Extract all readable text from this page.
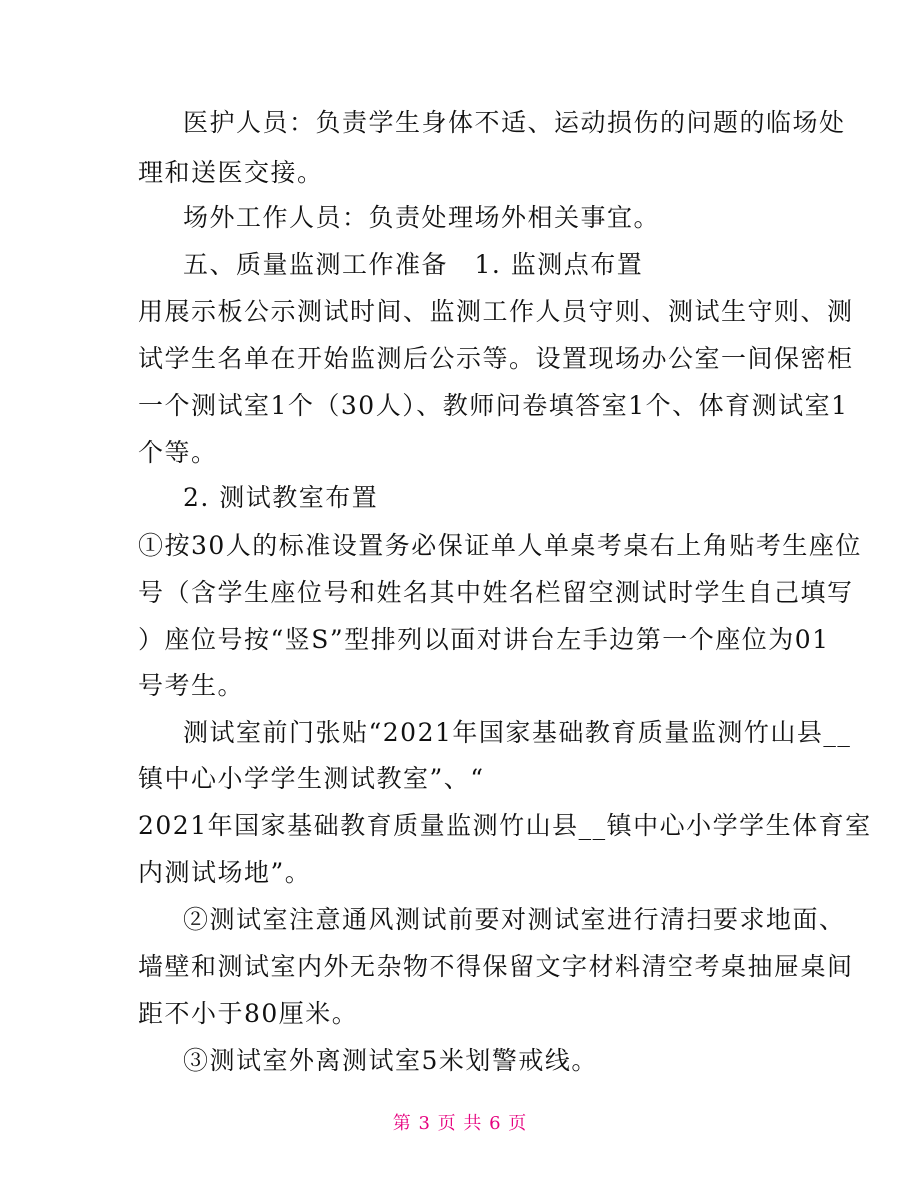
医护人员：负责学生身体不适、运动损伤的问题的临场处
理和送医交接。
场外工作人员：负责处理场外相关事宜。
五、质量监测工作准备　1. 监测点布置
用展示板公示测试时间、监测工作人员守则、测试生守则、测
试学生名单在开始监测后公示等。设置现场办公室一间保密柜
一个测试室1个（30人）、教师问卷填答室1个、体育测试室1
个等。
2. 测试教室布置
①按30人的标准设置务必保证单人单桌考桌右上角贴考生座位
号（含学生座位号和姓名其中姓名栏留空测试时学生自己填写
）座位号按“竖S”型排列以面对讲台左手边第一个座位为01
号考生。
测试室前门张贴“2021年国家基础教育质量监测竹山县__
镇中心小学学生测试教室”、“
2021年国家基础教育质量监测竹山县__镇中心小学学生体育室
内测试场地”。
②测试室注意通风测试前要对测试室进行清扫要求地面、
墙壁和测试室内外无杂物不得保留文字材料清空考桌抽屉桌间
距不小于80厘米。
③测试室外离测试室5米划警戒线。
第 3 页 共 6 页
